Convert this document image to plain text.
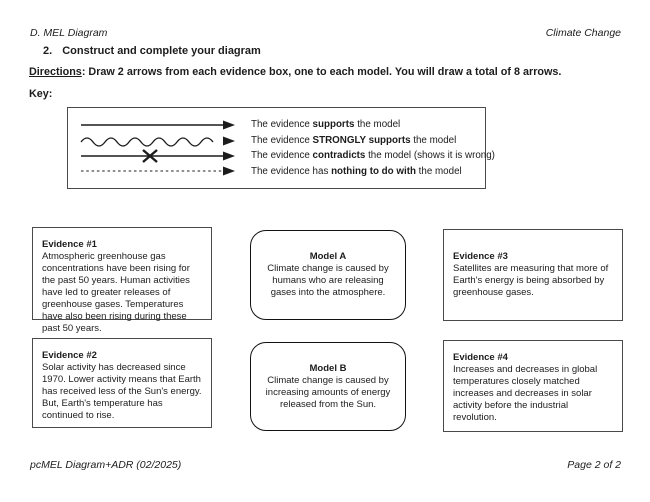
D. MEL Diagram	Climate Change
2. Construct and complete your diagram
Directions: Draw 2 arrows from each evidence box, one to each model. You will draw a total of 8 arrows.
Key:
The evidence supports the model
The evidence STRONGLY supports the model
The evidence contradicts the model (shows it is wrong)
The evidence has nothing to do with the model
Evidence #1
Atmospheric greenhouse gas concentrations have been rising for the past 50 years. Human activities have led to greater releases of greenhouse gases. Temperatures have also been rising during these past 50 years.
Model A
Climate change is caused by humans who are releasing gases into the atmosphere.
Evidence #3
Satellites are measuring that more of Earth's energy is being absorbed by greenhouse gases.
Evidence #2
Solar activity has decreased since 1970. Lower activity means that Earth has received less of the Sun's energy. But, Earth's temperature has continued to rise.
Model B
Climate change is caused by increasing amounts of energy released from the Sun.
Evidence #4
Increases and decreases in global temperatures closely matched increases and decreases in solar activity before the industrial revolution.
pcMEL Diagram+ADR (02/2025)	Page 2 of 2
